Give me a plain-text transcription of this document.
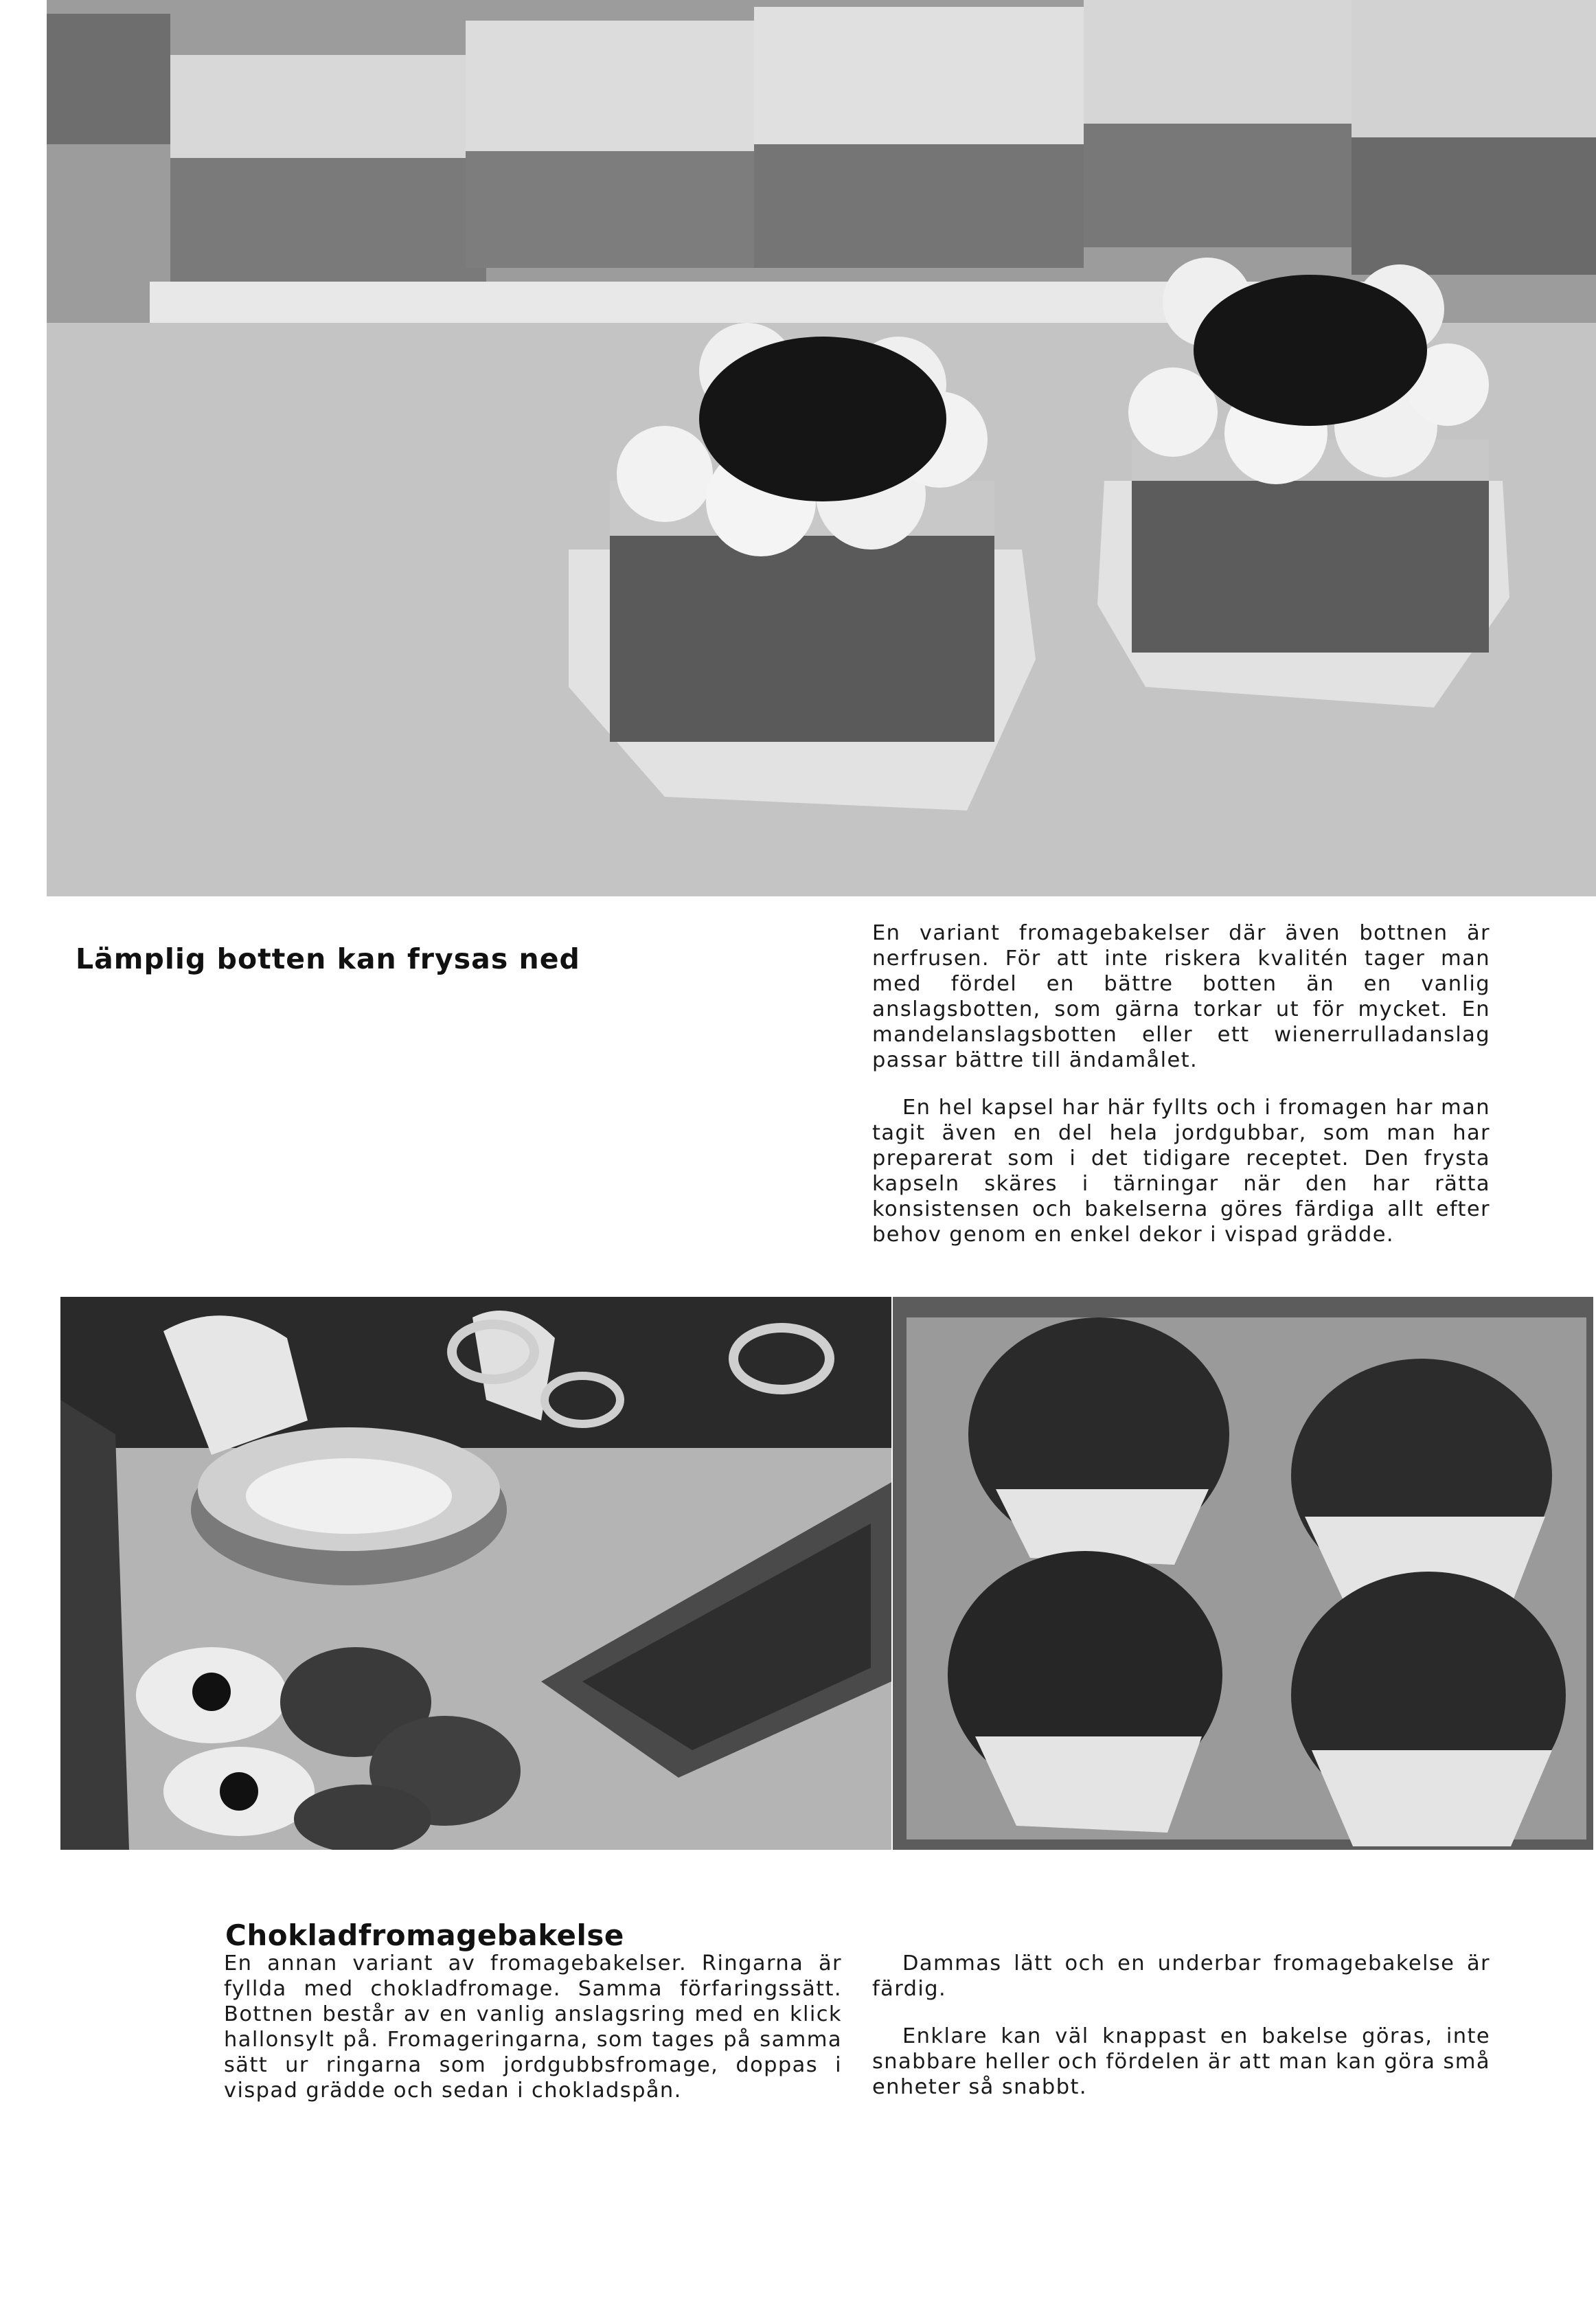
Lämplig botten kan frysas ned

En variant fromagebakelser där även bottnen är nerfrusen. För att inte riskera kvalitén tager man med fördel en bättre botten än en vanlig anslagsbotten, som gärna torkar ut för mycket. En mandelanslagsbotten eller ett wienerrulladanslag passar bättre till ändamålet.

En hel kapsel har här fyllts och i fromagen har man tagit även en del hela jordgubbar, som man har preparerat som i det tidigare receptet. Den frysta kapseln skäres i tärningar när den har rätta konsistensen och bakelserna göres färdiga allt efter behov genom en enkel dekor i vispad grädde.

Chokladfromagebakelse

En annan variant av fromagebakelser. Ringarna är fyllda med chokladfromage. Samma förfaringssätt. Bottnen består av en vanlig anslagsring med en klick hallonsylt på. Fromageringarna, som tages på samma sätt ur ringarna som jordgubbsfromage, doppas i vispad grädde och sedan i chokladspån.

Dammas lätt och en underbar fromagebakelse är färdig.

Enklare kan väl knappast en bakelse göras, inte snabbare heller och fördelen är att man kan göra små enheter så snabbt.
